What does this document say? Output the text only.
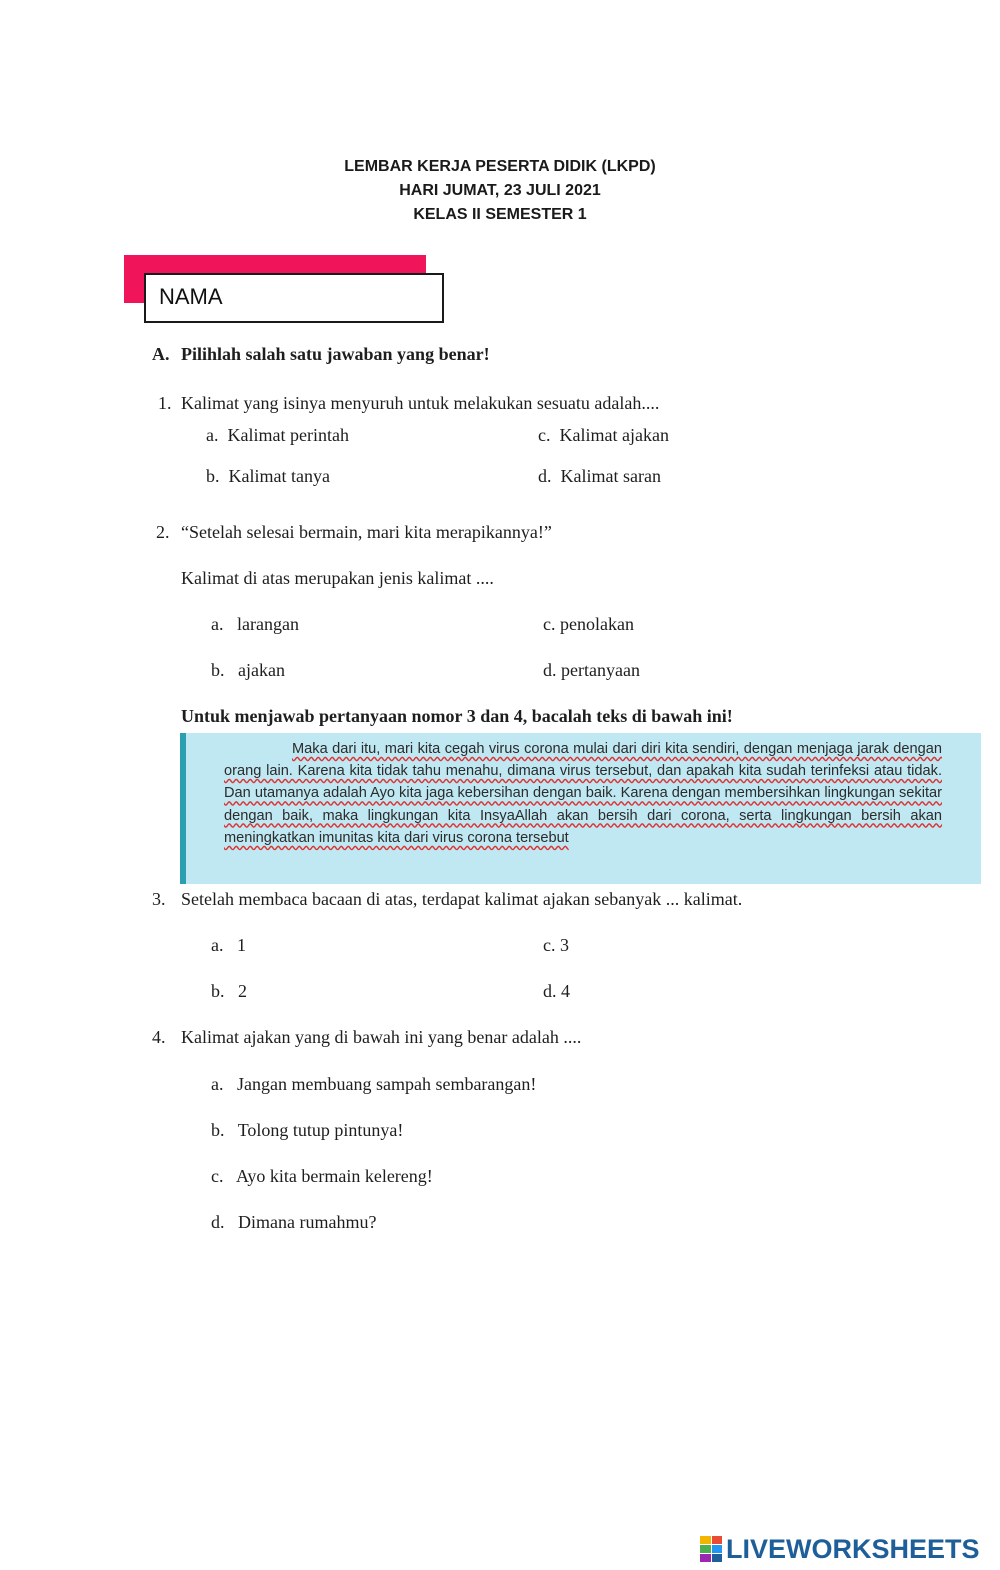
LEMBAR KERJA PESERTA DIDIK (LKPD)
HARI JUMAT, 23 JULI 2021
KELAS II SEMESTER 1
NAMA
A. Pilihlah salah satu jawaban yang benar!
1. Kalimat yang isinya menyuruh untuk melakukan sesuatu adalah....
a. Kalimat perintah	c. Kalimat ajakan
b. Kalimat tanya	d. Kalimat saran
2. “Setelah selesai bermain, mari kita merapikannya!”
Kalimat di atas merupakan jenis kalimat ....
a. larangan	c. penolakan
b. ajakan	d. pertanyaan
Untuk menjawab pertanyaan nomor 3 dan 4, bacalah teks di bawah ini!
Maka dari itu, mari kita cegah virus corona mulai dari diri kita sendiri, dengan menjaga jarak dengan orang lain. Karena kita tidak tahu menahu, dimana virus tersebut, dan apakah kita sudah terinfeksi atau tidak. Dan utamanya adalah Ayo kita jaga kebersihan dengan baik. Karena dengan membersihkan lingkungan sekitar dengan baik, maka lingkungan kita InsyaAllah akan bersih dari corona, serta lingkungan bersih akan meningkatkan imunitas kita dari virus corona tersebut
3. Setelah membaca bacaan di atas, terdapat kalimat ajakan sebanyak ... kalimat.
a. 1	c. 3
b. 2	d. 4
4. Kalimat ajakan yang di bawah ini yang benar adalah ....
a. Jangan membuang sampah sembarangan!
b. Tolong tutup pintunya!
c. Ayo kita bermain kelereng!
d. Dimana rumahmu?
LIVEWORKSHEETS
